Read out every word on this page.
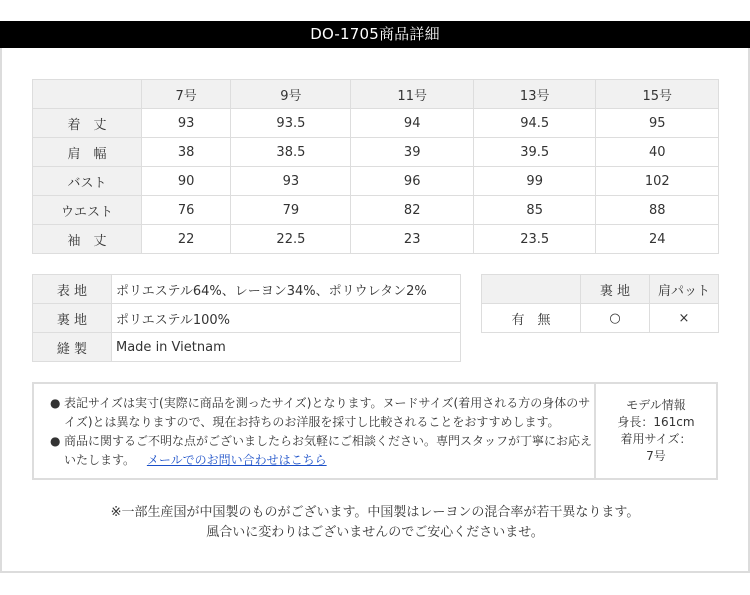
DO-1705商品詳細
	7号	9号	11号	13号	15号
着　丈	93	93.5	94	94.5	95
肩　幅	38	38.5	39	39.5	40
バスト	90	93	96	99	102
ウエスト	76	79	82	85	88
袖　丈	22	22.5	23	23.5	24
表 地	ポリエステル64%、レーヨン34%、ポリウレタン2%
裏 地	ポリエステル100%
縫 製	Made in Vietnam
	裏 地	肩パット
有　無	○	×
● 表記サイズは実寸(実際に商品を測ったサイズ)となります。ヌードサイズ(着用される方の身体のサイズ)とは異なりますので、現在お持ちのお洋服を採寸し比較されることをおすすめします。
● 商品に関するご不明な点がございましたらお気軽にご相談ください。専門スタッフが丁寧にお応えいたします。 メールでのお問い合わせはこちら
モデル情報
身長：161cm
着用サイズ：
7号
※一部生産国が中国製のものがございます。中国製はレーヨンの混合率が若干異なります。
風合いに変わりはございませんのでご安心くださいませ。
